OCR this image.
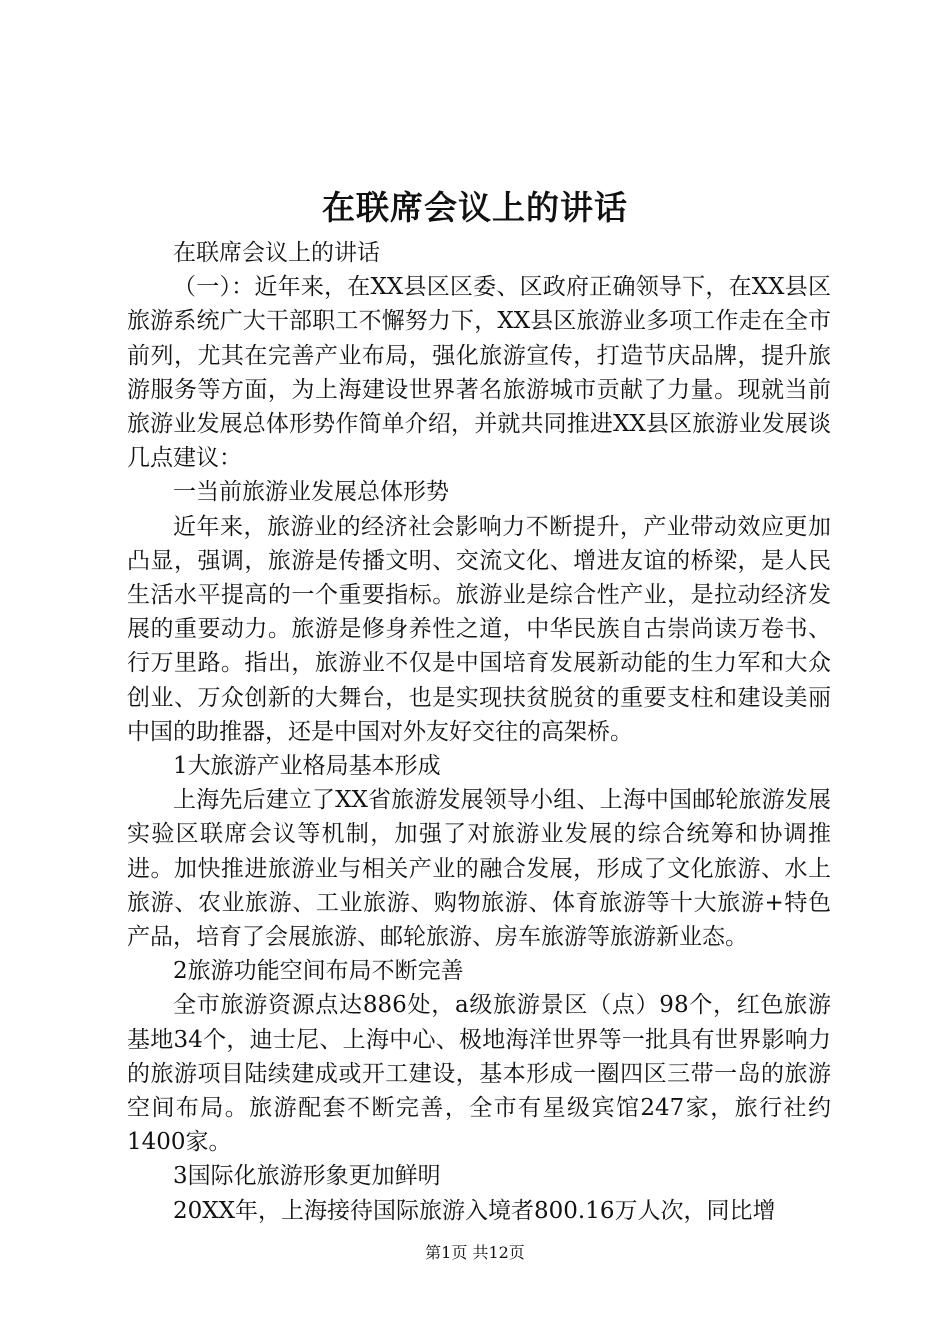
在联席会议上的讲话

在联席会议上的讲话

（一）：近年来，在XX县区区委、区政府正确领导下，在XX县区旅游系统广大干部职工不懈努力下，XX县区旅游业多项工作走在全市前列，尤其在完善产业布局，强化旅游宣传，打造节庆品牌，提升旅游服务等方面，为上海建设世界著名旅游城市贡献了力量。现就当前旅游业发展总体形势作简单介绍，并就共同推进XX县区旅游业发展谈几点建议：

一当前旅游业发展总体形势

近年来，旅游业的经济社会影响力不断提升，产业带动效应更加凸显，强调，旅游是传播文明、交流文化、增进友谊的桥梁，是人民生活水平提高的一个重要指标。旅游业是综合性产业，是拉动经济发展的重要动力。旅游是修身养性之道，中华民族自古崇尚读万卷书、行万里路。指出，旅游业不仅是中国培育发展新动能的生力军和大众创业、万众创新的大舞台，也是实现扶贫脱贫的重要支柱和建设美丽中国的助推器，还是中国对外友好交往的高架桥。

1大旅游产业格局基本形成

上海先后建立了XX省旅游发展领导小组、上海中国邮轮旅游发展实验区联席会议等机制，加强了对旅游业发展的综合统筹和协调推进。加快推进旅游业与相关产业的融合发展，形成了文化旅游、水上旅游、农业旅游、工业旅游、购物旅游、体育旅游等十大旅游+特色产品，培育了会展旅游、邮轮旅游、房车旅游等旅游新业态。

2旅游功能空间布局不断完善

全市旅游资源点达886处，a级旅游景区（点）98个，红色旅游基地34个，迪士尼、上海中心、极地海洋世界等一批具有世界影响力的旅游项目陆续建成或开工建设，基本形成一圈四区三带一岛的旅游空间布局。旅游配套不断完善，全市有星级宾馆247家，旅行社约1400家。

3国际化旅游形象更加鲜明

20XX年，上海接待国际旅游入境者800.16万人次，同比增

第1页 共12页
